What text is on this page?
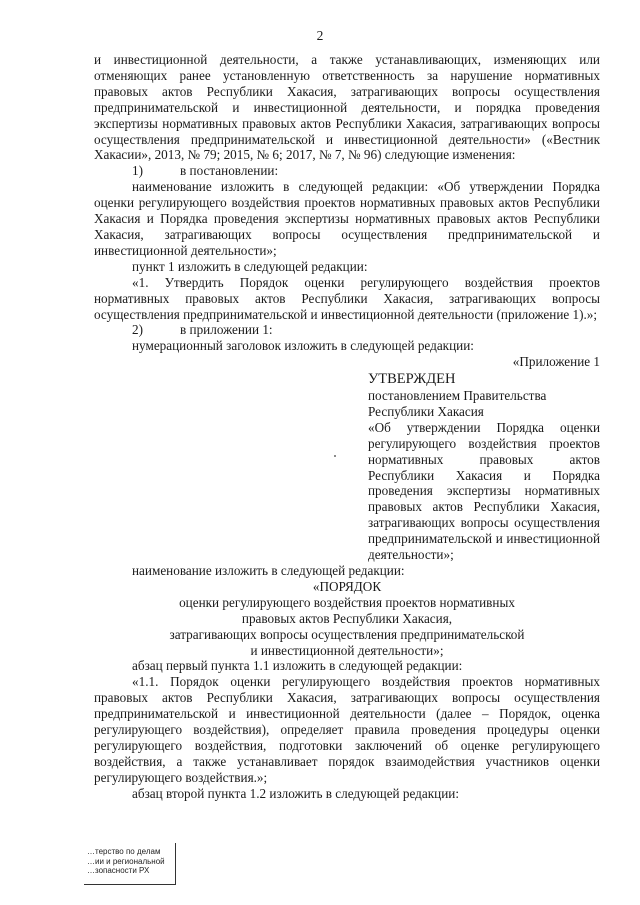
2

и инвестиционной деятельности, а также устанавливающих, изменяющих или отменяющих ранее установленную ответственность за нарушение нормативных правовых актов Республики Хакасия, затрагивающих вопросы осуществления предпринимательской и инвестиционной деятельности, и порядка проведения экспертизы нормативных правовых актов Республики Хакасия, затрагивающих вопросы осуществления предпринимательской и инвестиционной деятельности» («Вестник Хакасии», 2013, № 79; 2015, № 6; 2017, № 7, № 96) следующие изменения:

1)	в постановлении:

наименование изложить в следующей редакции: «Об утверждении Порядка оценки регулирующего воздействия проектов нормативных правовых актов Республики Хакасия и Порядка проведения экспертизы нормативных правовых актов Республики Хакасия, затрагивающих вопросы осуществления предпринимательской и инвестиционной деятельности»;

пункт 1 изложить в следующей редакции:

«1. Утвердить Порядок оценки регулирующего воздействия проектов нормативных правовых актов Республики Хакасия, затрагивающих вопросы осуществления предпринимательской и инвестиционной деятельности (приложение 1).»;

2)	в приложении 1:

нумерационный заголовок изложить в следующей редакции:

«Приложение 1

УТВЕРЖДЕН

постановлением Правительства

Республики Хакасия

«Об утверждении Порядка оценки регулирующего воздействия проектов нормативных правовых актов Республики Хакасия и Порядка проведения экспертизы нормативных правовых актов Республики Хакасия, затрагивающих вопросы осуществления предпринимательской и инвестиционной деятельности»;

наименование изложить в следующей редакции:

«ПОРЯДОК

оценки регулирующего воздействия проектов нормативных

правовых актов Республики Хакасия,

затрагивающих вопросы осуществления предпринимательской

и инвестиционной деятельности»;

абзац первый пункта 1.1 изложить в следующей редакции:

«1.1. Порядок оценки регулирующего воздействия проектов нормативных правовых актов Республики Хакасия, затрагивающих вопросы осуществления предпринимательской и инвестиционной деятельности (далее – Порядок, оценка регулирующего воздействия), определяет правила проведения процедуры оценки регулирующего воздействия, подготовки заключений об оценке регулирующего воздействия, а также устанавливает порядок взаимодействия участников оценки регулирующего воздействия.»;

абзац второй пункта 1.2 изложить в следующей редакции:

…терство по делам
…ии и региональной
…зопасности РХ
